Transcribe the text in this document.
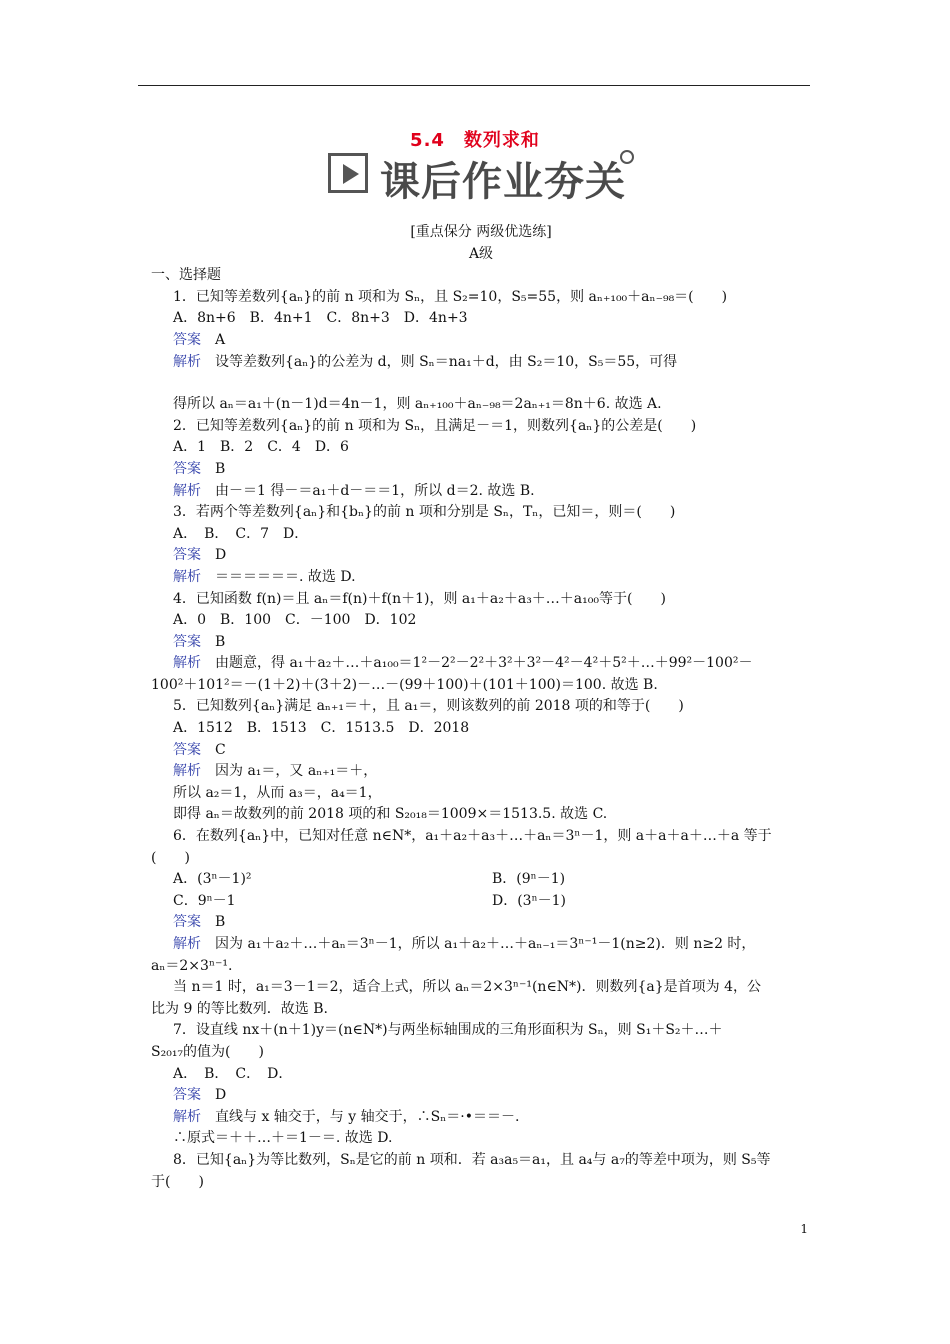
5.4　数列求和
课后作业夯关
[重点保分 两级优选练]
A级
一、选择题
1．已知等差数列{aₙ}的前 n 项和为 Sₙ，且 S₂=10，S₅=55，则 aₙ₊₁₀₀＋aₙ₋₉₈＝(　　)
A．8n+6　B．4n+1　C．8n+3　D．4n+3
答案　 A
解析　 设等差数列{aₙ}的公差为 d，则 Sₙ＝na₁＋d，由 S₂＝10，S₅＝55，可得
得所以 aₙ＝a₁＋(n－1)d＝4n－1，则 aₙ₊₁₀₀＋aₙ₋₉₈＝2aₙ₊₁＝8n＋6. 故选 A.
2．已知等差数列{aₙ}的前 n 项和为 Sₙ，且满足－＝1，则数列{aₙ}的公差是(　　)
A．1　B．2　C．4　D．6
答案　 B
解析　 由－＝1 得－＝a₁＋d－＝＝1，所以 d＝2. 故选 B.
3．若两个等差数列{aₙ}和{bₙ}的前 n 项和分别是 Sₙ，Tₙ，已知＝，则＝(　　)
A．　B．　C．7　D．
答案　 D
解析　 ＝＝＝＝＝＝. 故选 D.
4．已知函数 f(n)＝且 aₙ＝f(n)＋f(n＋1)，则 a₁＋a₂＋a₃＋…＋a₁₀₀等于(　　)
A．0　B．100　C．－100　D．102
答案　 B
解析　 由题意，得 a₁＋a₂＋…＋a₁₀₀＝1²－2²－2²＋3²＋3²－4²－4²＋5²＋…＋99²－100²－
100²＋101²＝－(1＋2)＋(3＋2)－…－(99＋100)＋(101＋100)＝100. 故选 B.
5．已知数列{aₙ}满足 aₙ₊₁＝＋，且 a₁＝，则该数列的前 2018 项的和等于(　　)
A．1512　B．1513　C．1513.5　D．2018
答案　 C
解析　 因为 a₁＝，又 aₙ₊₁＝＋，
所以 a₂＝1，从而 a₃＝，a₄＝1，
即得 aₙ＝故数列的前 2018 项的和 S₂₀₁₈＝1009×＝1513.5. 故选 C.
6．在数列{aₙ}中，已知对任意 n∈N*，a₁＋a₂＋a₃＋…＋aₙ＝3ⁿ－1，则 a＋a＋a＋…＋a 等于
(　　)
A．(3ⁿ－1)²	B．(9ⁿ－1)
C．9ⁿ－1	D．(3ⁿ－1)
答案　 B
解析　 因为 a₁＋a₂＋…＋aₙ＝3ⁿ－1，所以 a₁＋a₂＋…＋aₙ₋₁＝3ⁿ⁻¹－1(n≥2)．则 n≥2 时，
aₙ＝2×3ⁿ⁻¹.
当 n＝1 时，a₁＝3－1＝2，适合上式，所以 aₙ＝2×3ⁿ⁻¹(n∈N*)．则数列{a}是首项为 4，公
比为 9 的等比数列．故选 B.
7．设直线 nx＋(n＋1)y＝(n∈N*)与两坐标轴围成的三角形面积为 Sₙ，则 S₁＋S₂＋…＋
S₂₀₁₇的值为(　　)
A．　B．　C．　D．
答案　 D
解析　 直线与 x 轴交于，与 y 轴交于，∴Sₙ＝·•＝＝－.
∴原式＝＋＋…＋＝1－＝. 故选 D.
8．已知{aₙ}为等比数列，Sₙ是它的前 n 项和．若 a₃a₅＝a₁，且 a₄与 a₇的等差中项为，则 S₅等
于(　　)
1
